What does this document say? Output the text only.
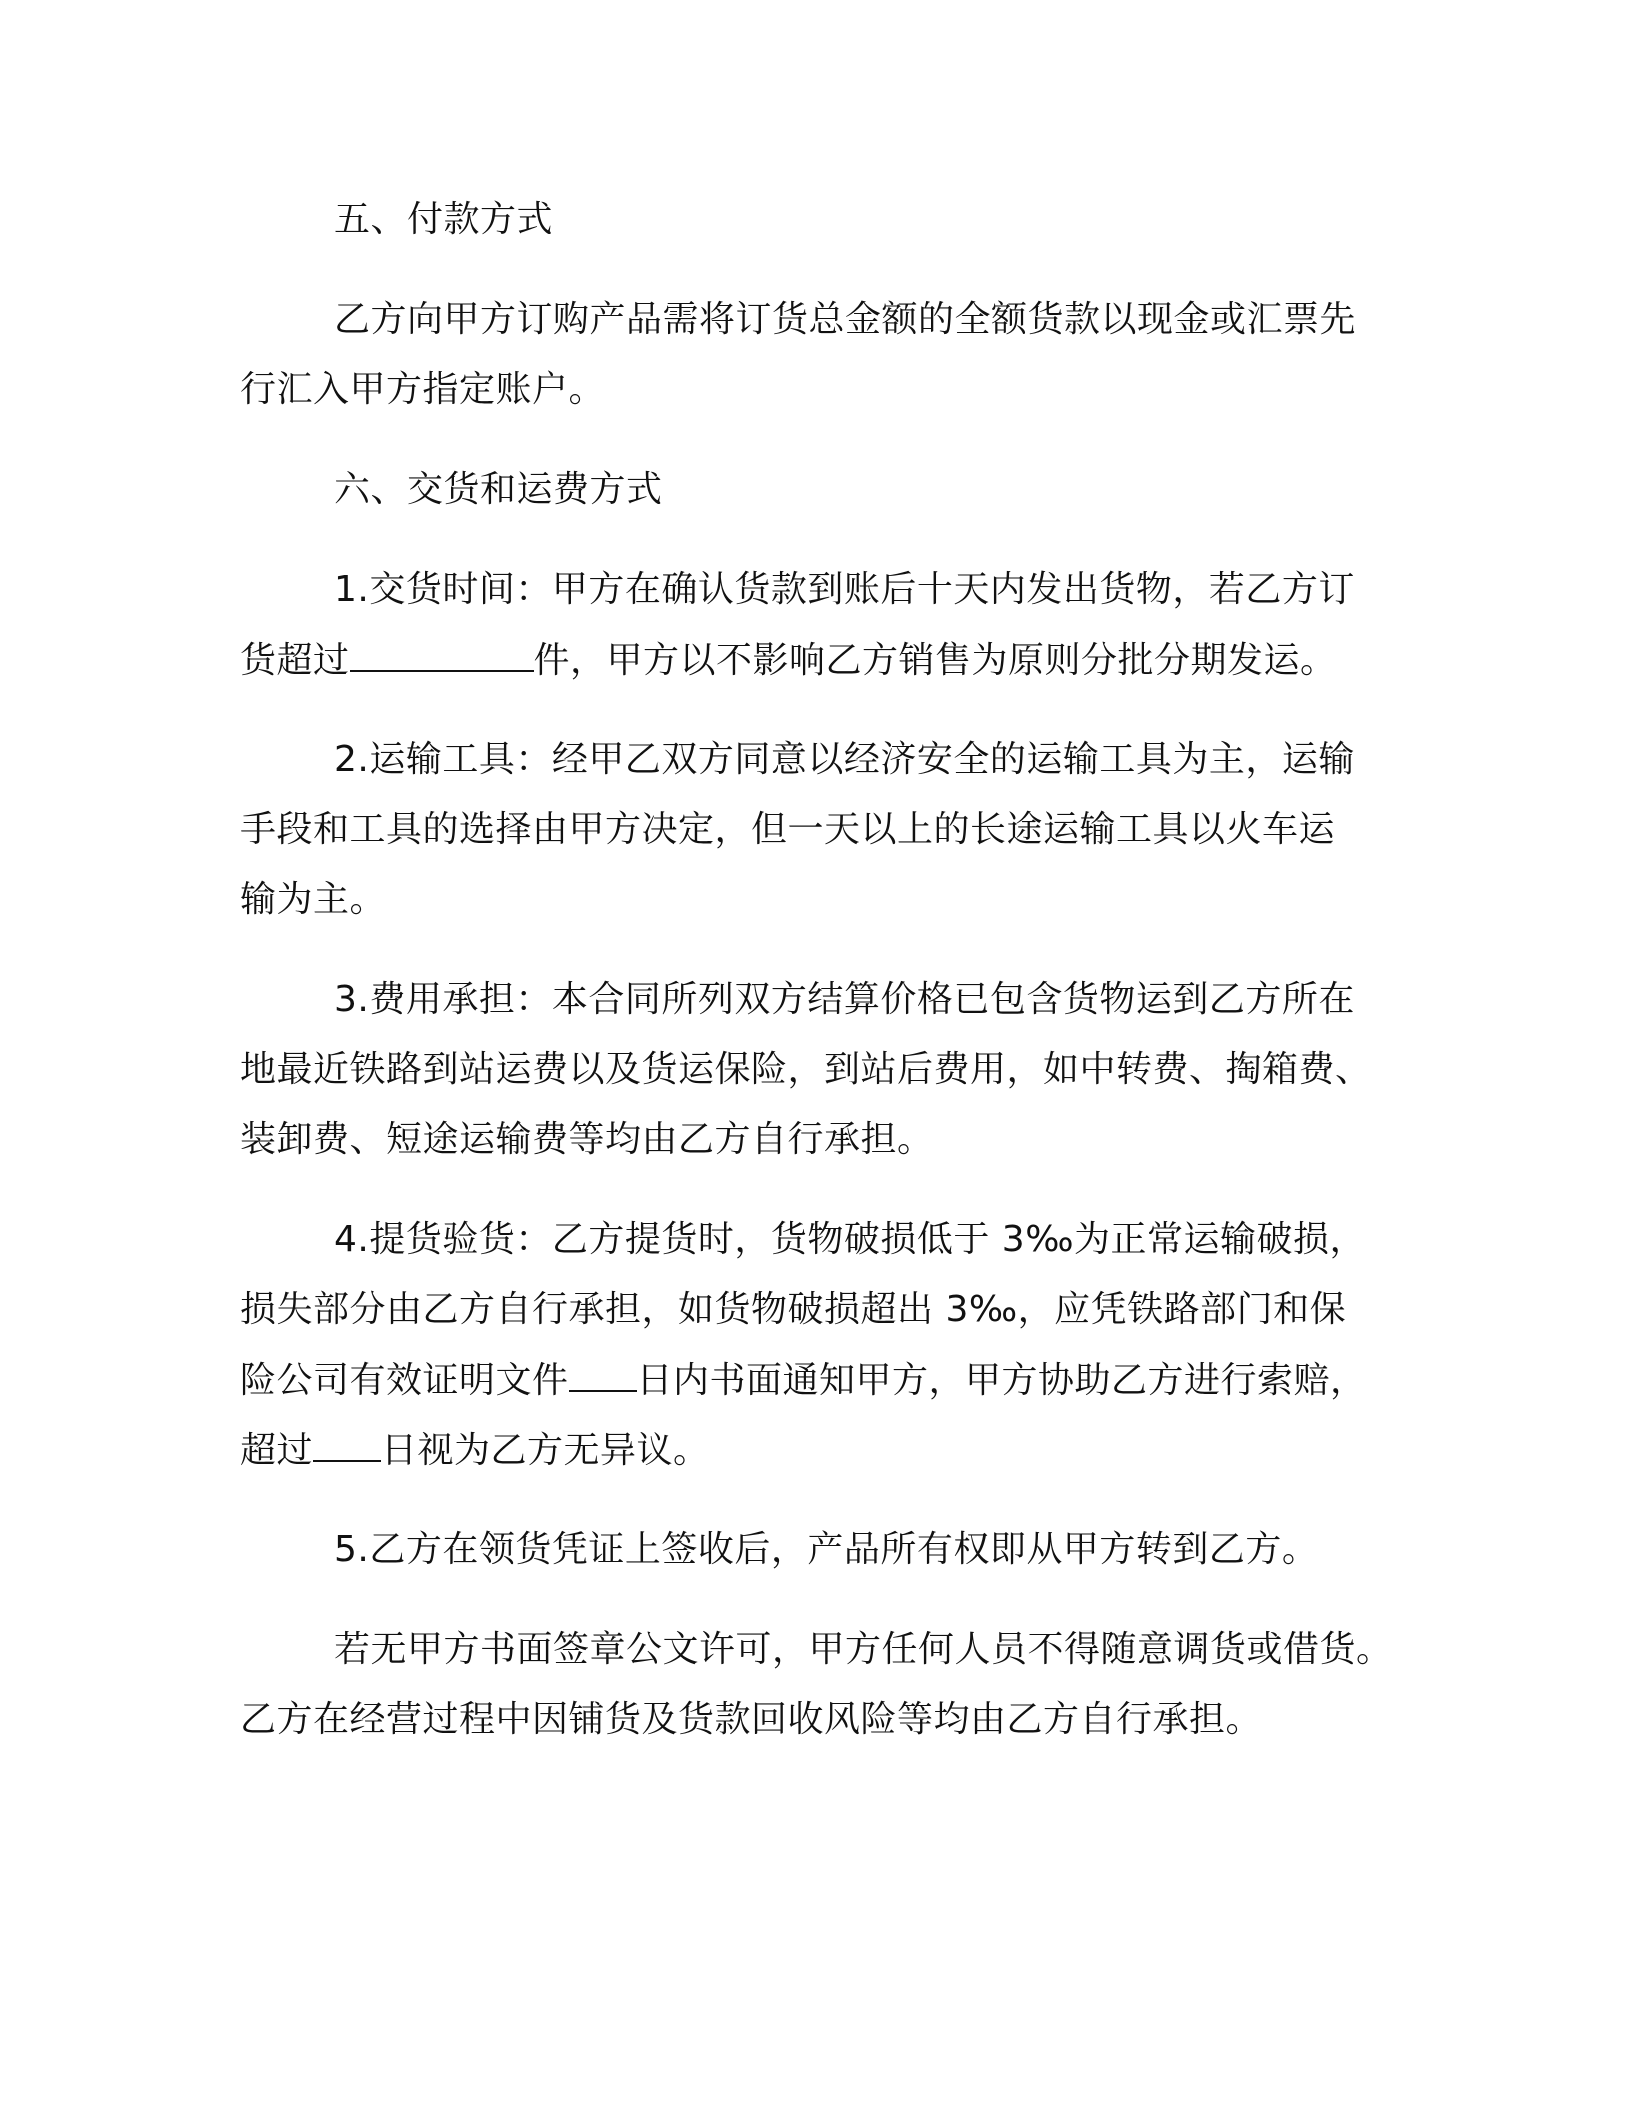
五、付款方式
乙方向甲方订购产品需将订货总金额的全额货款以现金或汇票先
行汇入甲方指定账户。
六、交货和运费方式
1.交货时间：甲方在确认货款到账后十天内发出货物，若乙方订
货超过	件，甲方以不影响乙方销售为原则分批分期发运。
2.运输工具：经甲乙双方同意以经济安全的运输工具为主，运输
手段和工具的选择由甲方决定，但一天以上的长途运输工具以火车运
输为主。
3.费用承担：本合同所列双方结算价格已包含货物运到乙方所在
地最近铁路到站运费以及货运保险，到站后费用，如中转费、掏箱费、
装卸费、短途运输费等均由乙方自行承担。
4.提货验货：乙方提货时，货物破损低于 3‰为正常运输破损，
损失部分由乙方自行承担，如货物破损超出 3‰，应凭铁路部门和保
险公司有效证明文件 日内书面通知甲方，甲方协助乙方进行索赔，
超过 日视为乙方无异议。
5.乙方在领货凭证上签收后，产品所有权即从甲方转到乙方。
若无甲方书面签章公文许可，甲方任何人员不得随意调货或借货。
乙方在经营过程中因铺货及货款回收风险等均由乙方自行承担。
